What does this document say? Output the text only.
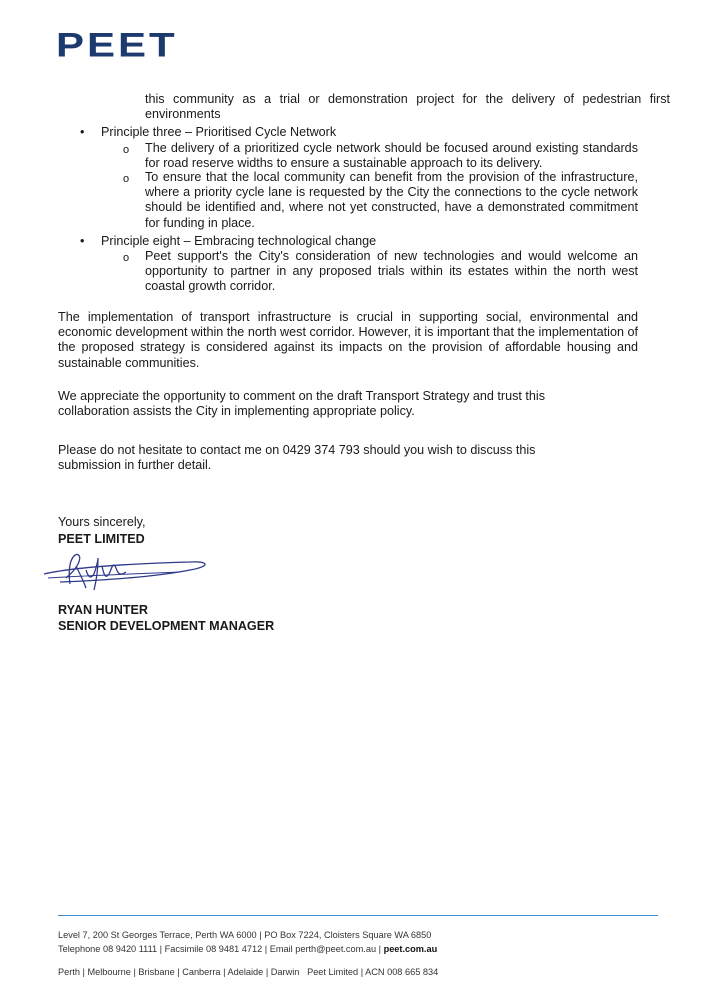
PEET

this community as a trial or demonstration project for the delivery of pedestrian first environments

• Principle three – Prioritised Cycle Network
o The delivery of a prioritized cycle network should be focused around existing standards for road reserve widths to ensure a sustainable approach to its delivery.

o To ensure that the local community can benefit from the provision of the infrastructure, where a priority cycle lane is requested by the City the connections to the cycle network should be identified and, where not yet constructed, have a demonstrated commitment for funding in place.

• Principle eight – Embracing technological change
o Peet support's the City's consideration of new technologies and would welcome an opportunity to partner in any proposed trials within its estates within the north west coastal growth corridor.

The implementation of transport infrastructure is crucial in supporting social, environmental and economic development within the north west corridor. However, it is important that the implementation of the proposed strategy is considered against its impacts on the provision of affordable housing and sustainable communities.

We appreciate the opportunity to comment on the draft Transport Strategy and trust this collaboration assists the City in implementing appropriate policy.

Please do not hesitate to contact me on 0429 374 793 should you wish to discuss this submission in further detail.

Yours sincerely,
PEET LIMITED
RYAN HUNTER
SENIOR DEVELOPMENT MANAGER
Level 7, 200 St Georges Terrace, Perth WA 6000 | PO Box 7224, Cloisters Square WA 6850
Telephone 08 9420 1111 | Facsimile 08 9481 4712 | Email perth@peet.com.au | peet.com.au
Perth | Melbourne | Brisbane | Canberra | Adelaide | Darwin Peet Limited | ACN 008 665 834
